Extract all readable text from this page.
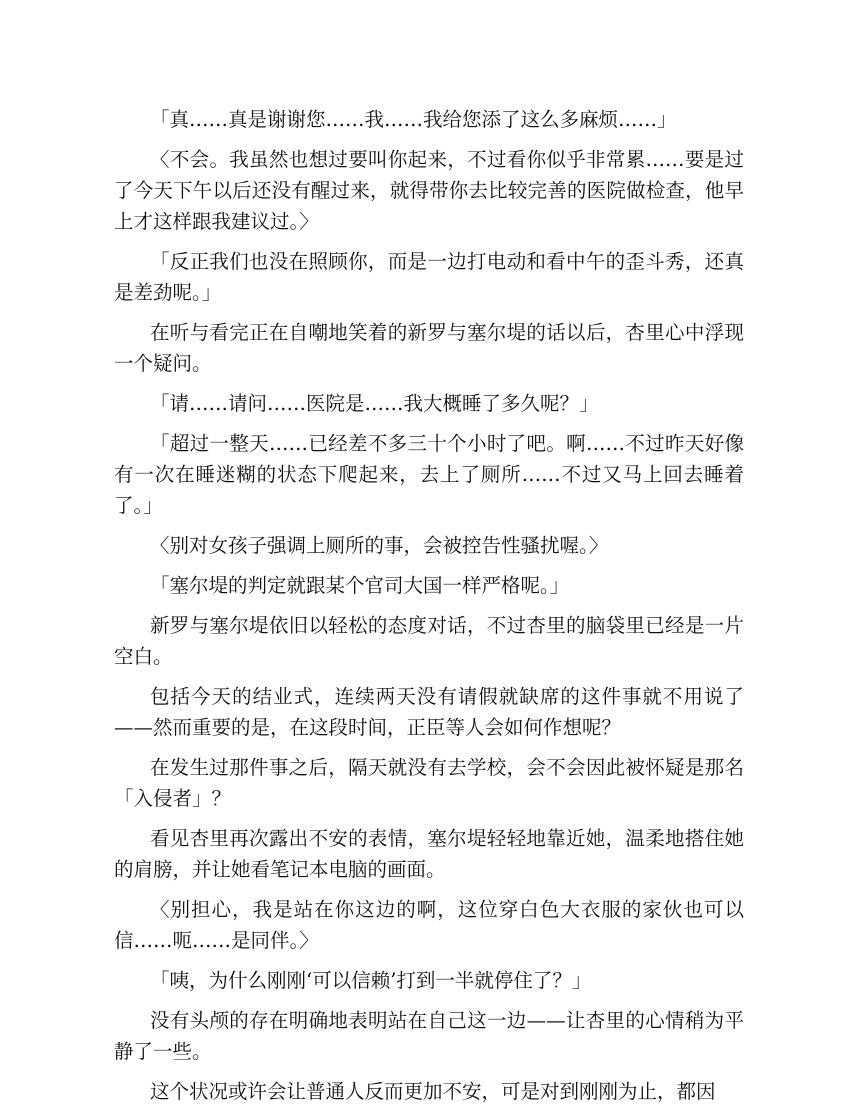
「真……真是谢谢您……我……我给您添了这么多麻烦……」

〈不会。我虽然也想过要叫你起来，不过看你似乎非常累……要是过了今天下午以后还没有醒过来，就得带你去比较完善的医院做检查，他早上才这样跟我建议过。〉

「反正我们也没在照顾你，而是一边打电动和看中午的歪斗秀，还真是差劲呢。」

在听与看完正在自嘲地笑着的新罗与塞尔堤的话以后，杏里心中浮现一个疑问。

「请……请问……医院是……我大概睡了多久呢？」

「超过一整天……已经差不多三十个小时了吧。啊……不过昨天好像有一次在睡迷糊的状态下爬起来，去上了厕所……不过又马上回去睡着了。」

〈别对女孩子强调上厕所的事，会被控告性骚扰喔。〉

「塞尔堤的判定就跟某个官司大国一样严格呢。」

新罗与塞尔堤依旧以轻松的态度对话，不过杏里的脑袋里已经是一片空白。

包括今天的结业式，连续两天没有请假就缺席的这件事就不用说了——然而重要的是，在这段时间，正臣等人会如何作想呢？

在发生过那件事之后，隔天就没有去学校，会不会因此被怀疑是那名「入侵者」？

看见杏里再次露出不安的表情，塞尔堤轻轻地靠近她，温柔地搭住她的肩膀，并让她看笔记本电脑的画面。

〈别担心，我是站在你这边的啊，这位穿白色大衣服的家伙也可以信……呃……是同伴。〉

「咦，为什么刚刚‘可以信赖’打到一半就停住了？」

没有头颅的存在明确地表明站在自己这一边——让杏里的心情稍为平静了一些。

这个状况或许会让普通人反而更加不安，可是对到刚刚为止，都因
